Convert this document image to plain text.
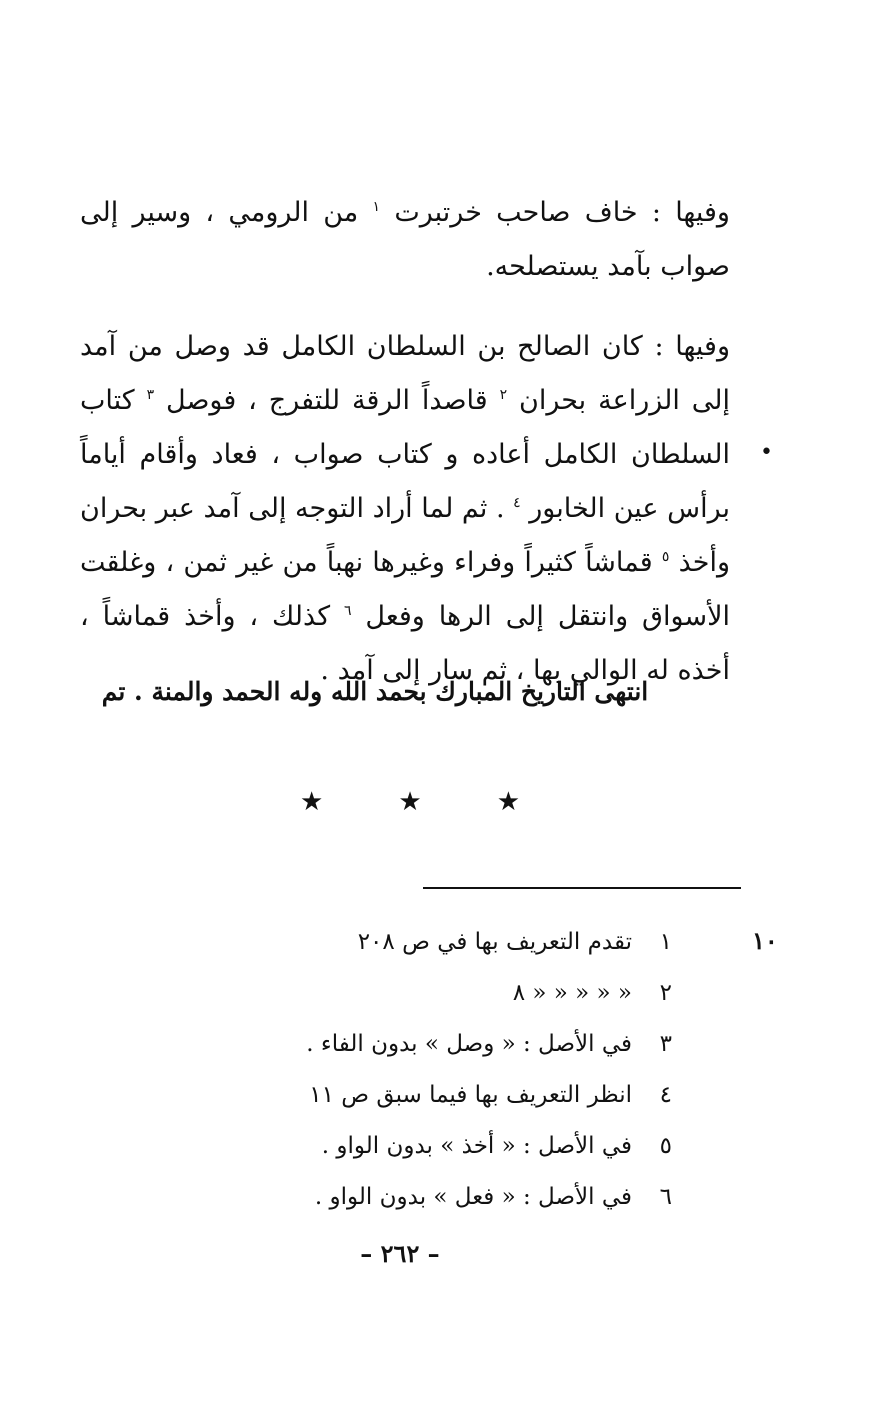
وفيها : خاف صاحب خرتبرت $^١$ من الرومي ، وسير إلى صواب بآمد يستصلحه.

وفيها : كان الصالح بن السلطان الكامل قد وصل من آمد إلى الزراعة بحران $^٢$ قاصداً الرقة للتفرج ، فوصل $^٣$ كتاب السلطان الكامل أعاده و كتاب صواب ، فعاد وأقام أياماً برأس عين الخابور $^٤$ . ثم لما أراد التوجه إلى آمد عبر بحران وأخذ $^٥$ قماشاً كثيراً وفراء وغيرها نهباً من غير ثمن ، وغلقت الأسواق وانتقل إلى الرها وفعل $^٦$ كذلك ، وأخذ قماشاً ، أخذه له الوالي بها ، ثم سار إلى آمد .

•

انتهى التاريخ المبارك بحمد الله وله الحمد والمنة . تم

★	★	★
١٠
١تقدم التعريف بها في ص ٢٠٨
٢« « « « « ٨
٣في الأصل : « وصل » بدون الفاء .
٤انظر التعريف بها فيما سبق ص ١١
٥في الأصل : « أخذ » بدون الواو .
٦في الأصل : « فعل » بدون الواو .
– ٢٦٢ –
